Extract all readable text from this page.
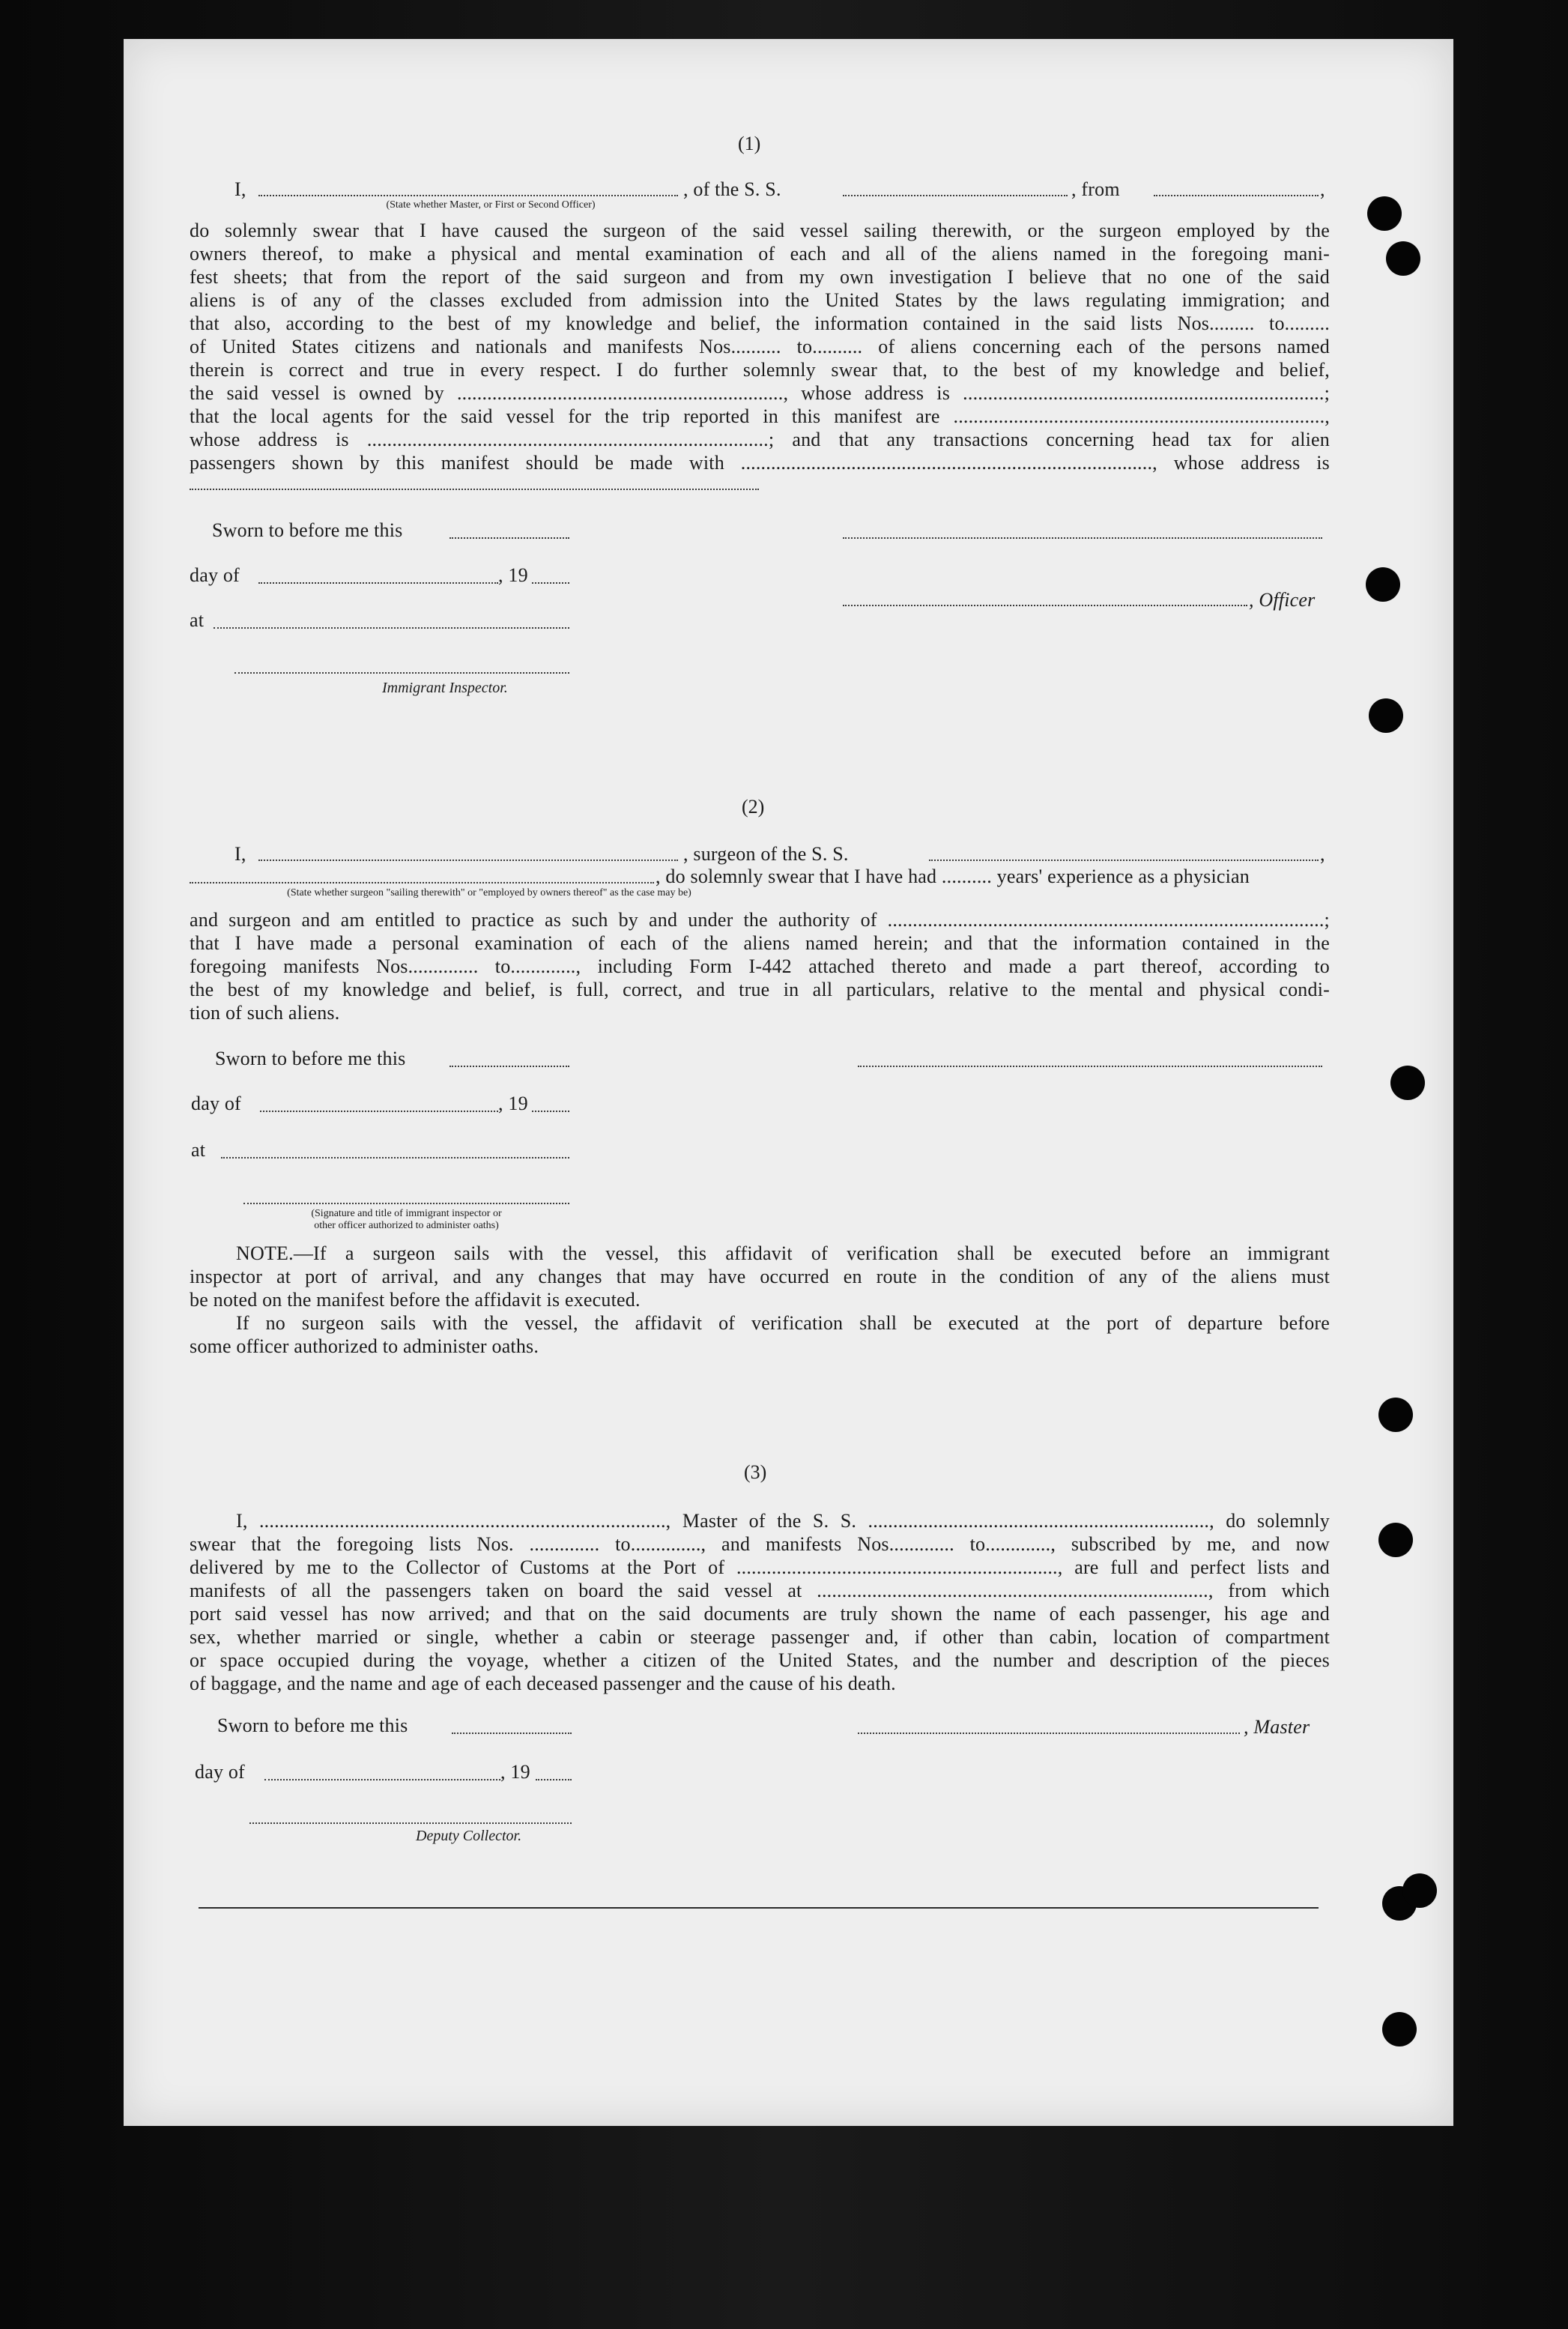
(1)
I,	, of the S. S.	, from	,
(State whether Master, or First or Second Officer)
do solemnly swear that I have caused the surgeon of the said vessel sailing therewith, or the surgeon employed by the
owners thereof, to make a physical and mental examination of each and all of the aliens named in the foregoing mani-
fest sheets; that from the report of the said surgeon and from my own investigation I believe that no one of the said
aliens is of any of the classes excluded from admission into the United States by the laws regulating immigration; and
that also, according to the best of my knowledge and belief, the information contained in the said lists Nos......... to.........
of United States citizens and nationals and manifests Nos.......... to.......... of aliens concerning each of the persons named
therein is correct and true in every respect. I do further solemnly swear that, to the best of my knowledge and belief,
the said vessel is owned by ................................................................., whose address is ........................................................................;
that the local agents for the said vessel for the trip reported in this manifest are ..........................................................................,
whose address is ................................................................................; and that any transactions concerning head tax for alien
passengers shown by this manifest should be made with .................................................................................., whose address is
Sworn to before me this
day of	, 19
, Officer
at
Immigrant Inspector.
(2)
I,	, surgeon of the S. S.	,
, do solemnly swear that I have had .......... years' experience as a physician
(State whether surgeon "sailing therewith" or "employed by owners thereof" as the case may be)
and surgeon and am entitled to practice as such by and under the authority of .......................................................................................;
that I have made a personal examination of each of the aliens named herein; and that the information contained in the
foregoing manifests Nos.............. to............., including Form I-442 attached thereto and made a part thereof, according to
the best of my knowledge and belief, is full, correct, and true in all particulars, relative to the mental and physical condi-
tion of such aliens.
Sworn to before me this
day of	, 19
at
(Signature and title of immigrant inspector or
other officer authorized to administer oaths)
NOTE.—If a surgeon sails with the vessel, this affidavit of verification shall be executed before an immigrant
inspector at port of arrival, and any changes that may have occurred en route in the condition of any of the aliens must
be noted on the manifest before the affidavit is executed.
If no surgeon sails with the vessel, the affidavit of verification shall be executed at the port of departure before
some officer authorized to administer oaths.
(3)
I, ................................................................................., Master of the S. S. ...................................................................., do solemnly
swear that the foregoing lists Nos. .............. to.............., and manifests Nos............. to............., subscribed by me, and now
delivered by me to the Collector of Customs at the Port of ................................................................, are full and perfect lists and
manifests of all the passengers taken on board the said vessel at .............................................................................., from which
port said vessel has now arrived; and that on the said documents are truly shown the name of each passenger, his age and
sex, whether married or single, whether a cabin or steerage passenger and, if other than cabin, location of compartment
or space occupied during the voyage, whether a citizen of the United States, and the number and description of the pieces
of baggage, and the name and age of each deceased passenger and the cause of his death.
Sworn to before me this	, Master
day of	, 19
Deputy Collector.
